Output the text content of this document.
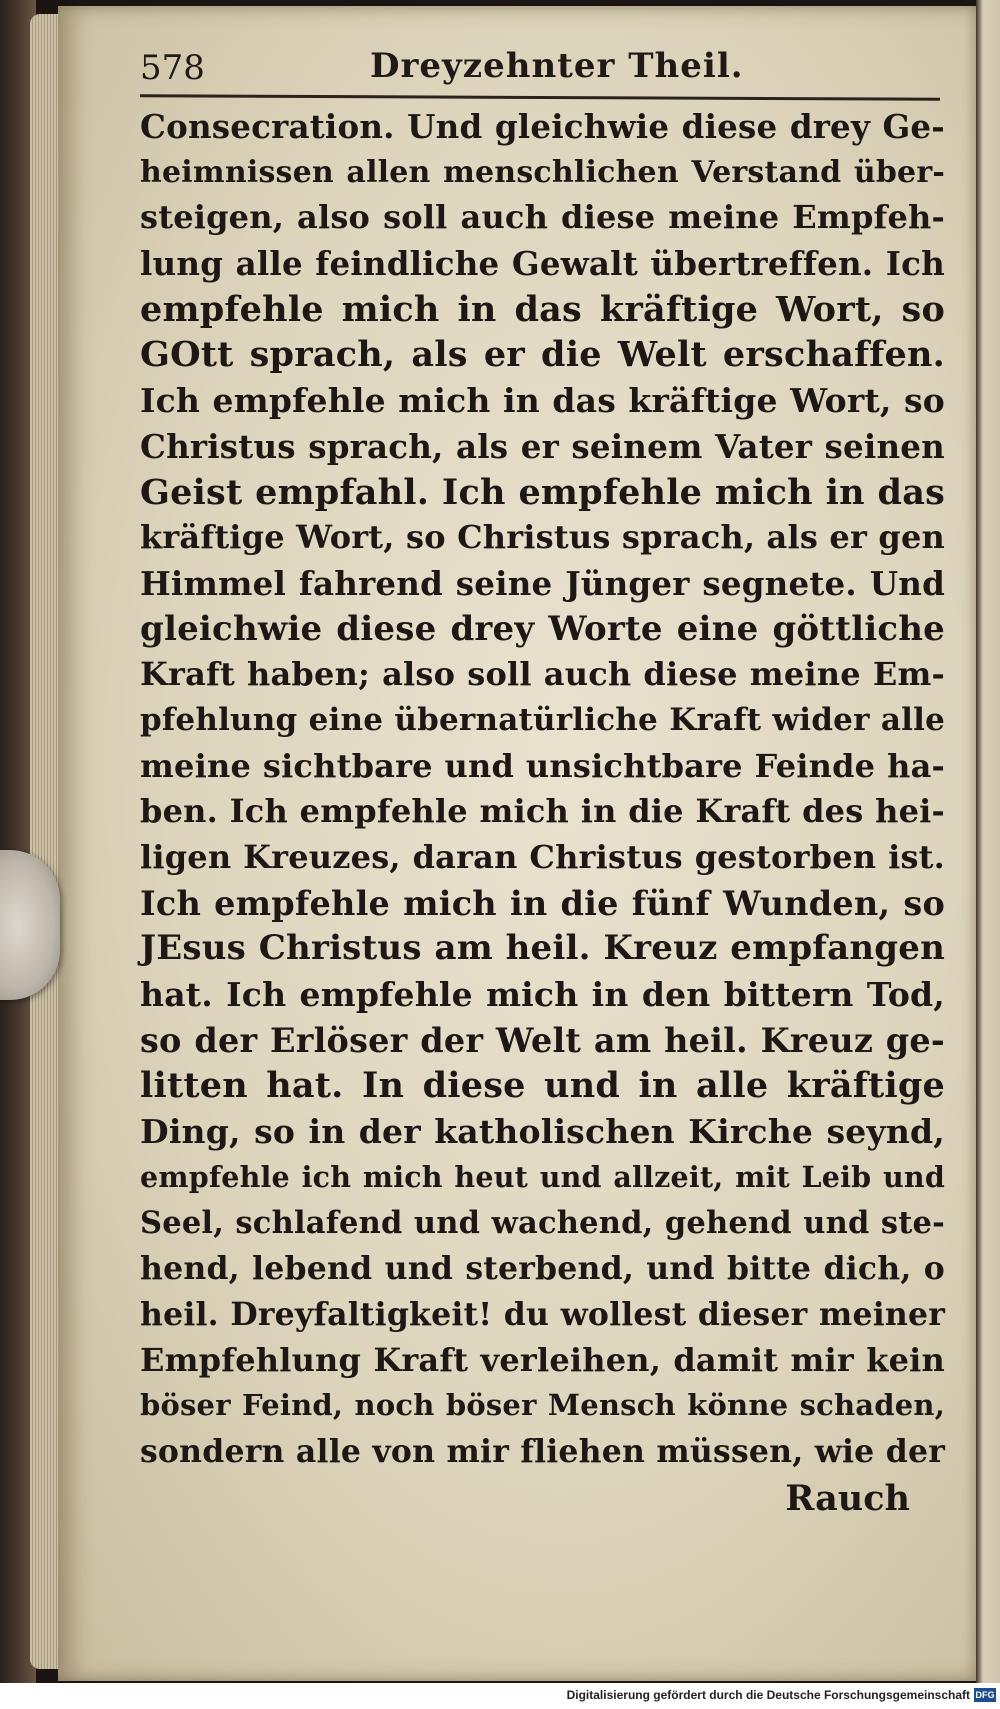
578	Dreyzehnter Theil.
Consecration. Und gleichwie diese drey Ge-
heimnissen allen menschlichen Verstand über-
steigen, also soll auch diese meine Empfeh-
lung alle feindliche Gewalt übertreffen. Ich
empfehle mich in das kräftige Wort, so
GOtt sprach, als er die Welt erschaffen.
Ich empfehle mich in das kräftige Wort, so
Christus sprach, als er seinem Vater seinen
Geist empfahl. Ich empfehle mich in das
kräftige Wort, so Christus sprach, als er gen
Himmel fahrend seine Jünger segnete. Und
gleichwie diese drey Worte eine göttliche
Kraft haben; also soll auch diese meine Em-
pfehlung eine übernatürliche Kraft wider alle
meine sichtbare und unsichtbare Feinde ha-
ben. Ich empfehle mich in die Kraft des hei-
ligen Kreuzes, daran Christus gestorben ist.
Ich empfehle mich in die fünf Wunden, so
JEsus Christus am heil. Kreuz empfangen
hat. Ich empfehle mich in den bittern Tod,
so der Erlöser der Welt am heil. Kreuz ge-
litten hat. In diese und in alle kräftige
Ding, so in der katholischen Kirche seynd,
empfehle ich mich heut und allzeit, mit Leib und
Seel, schlafend und wachend, gehend und ste-
hend, lebend und sterbend, und bitte dich, o
heil. Dreyfaltigkeit! du wollest dieser meiner
Empfehlung Kraft verleihen, damit mir kein
böser Feind, noch böser Mensch könne schaden,
sondern alle von mir fliehen müssen, wie der
Rauch
Digitalisierung gefördert durch die Deutsche Forschungsgemeinschaft DFG
